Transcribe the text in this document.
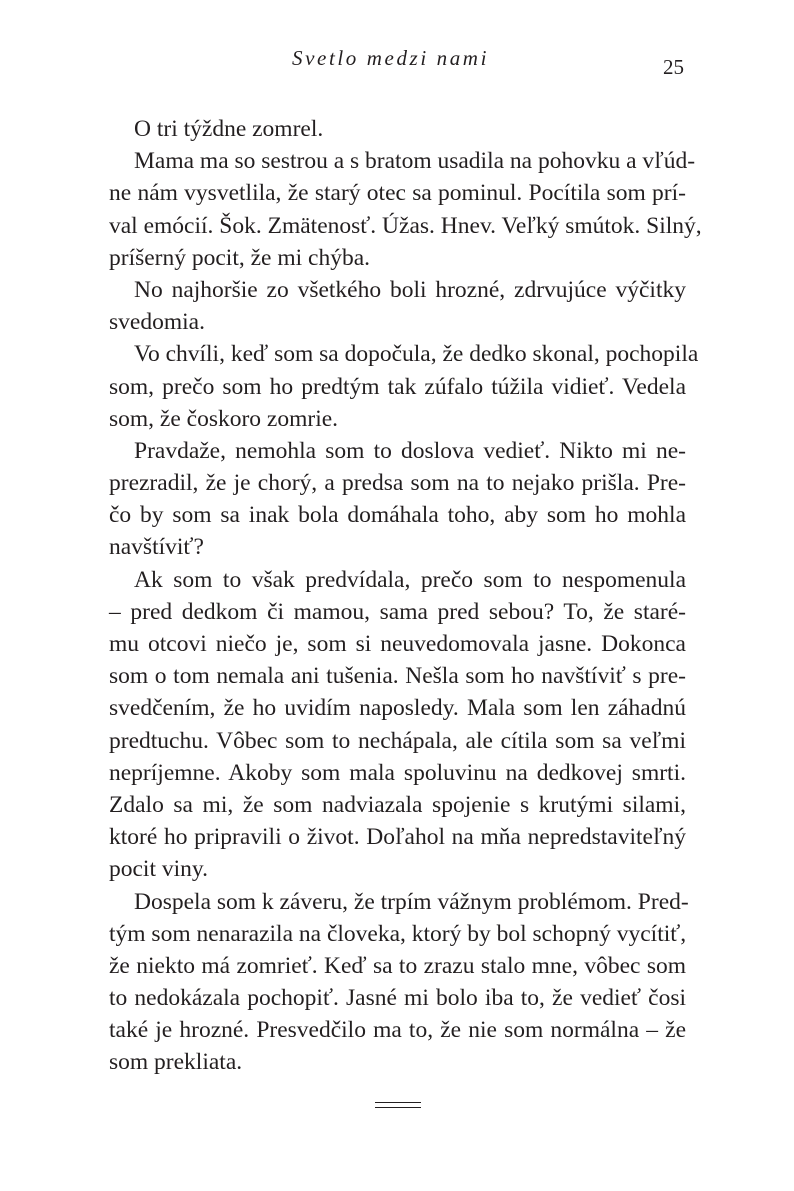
Svetlo medzi nami	25
O tri týždne zomrel.
Mama ma so sestrou a s bratom usadila na pohovku a vľúd-
ne nám vysvetlila, že starý otec sa pominul. Pocítila som prí-
val emócií. Šok. Zmätenosť. Úžas. Hnev. Veľký smútok. Silný,
príšerný pocit, že mi chýba.
No najhoršie zo všetkého boli hrozné, zdrvujúce výčitky
svedomia.
Vo chvíli, keď som sa dopočula, že dedko skonal, pochopila
som, prečo som ho predtým tak zúfalo túžila vidieť. Vedela
som, že čoskoro zomrie.
Pravdaže, nemohla som to doslova vedieť. Nikto mi ne-
prezradil, že je chorý, a predsa som na to nejako prišla. Pre-
čo by som sa inak bola domáhala toho, aby som ho mohla
navštíviť?
Ak som to však predvídala, prečo som to nespomenula
– pred dedkom či mamou, sama pred sebou? To, že staré-
mu otcovi niečo je, som si neuvedomovala jasne. Dokonca
som o tom nemala ani tušenia. Nešla som ho navštíviť s pre-
svedčením, že ho uvidím naposledy. Mala som len záhadnú
predtuchu. Vôbec som to nechápala, ale cítila som sa veľmi
nepríjemne. Akoby som mala spoluvinu na dedkovej smrti.
Zdalo sa mi, že som nadviazala spojenie s krutými silami,
ktoré ho pripravili o život. Doľahol na mňa nepredstaviteľný
pocit viny.
Dospela som k záveru, že trpím vážnym problémom. Pred-
tým som nenarazila na človeka, ktorý by bol schopný vycítiť,
že niekto má zomrieť. Keď sa to zrazu stalo mne, vôbec som
to nedokázala pochopiť. Jasné mi bolo iba to, že vedieť čosi
také je hrozné. Presvedčilo ma to, že nie som normálna – že
som prekliata.
